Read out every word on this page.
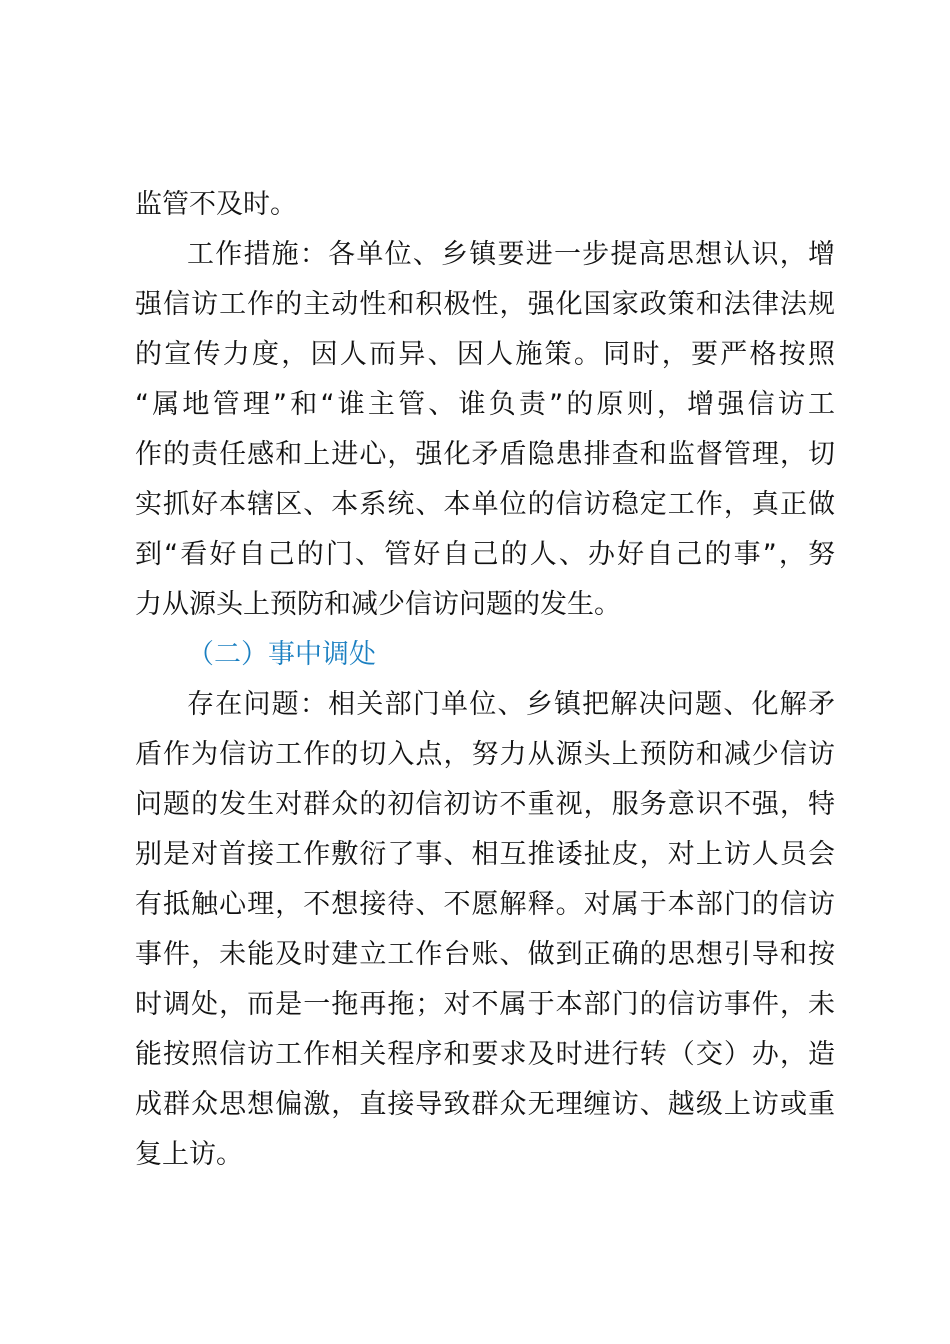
监管不及时。
工作措施：各单位、乡镇要进一步提高思想认识，增
强信访工作的主动性和积极性，强化国家政策和法律法规
的宣传力度，因人而异、因人施策。同时，要严格按照
“属地管理”和“谁主管、谁负责”的原则，增强信访工
作的责任感和上进心，强化矛盾隐患排查和监督管理，切
实抓好本辖区、本系统、本单位的信访稳定工作，真正做
到“看好自己的门、管好自己的人、办好自己的事”，努
力从源头上预防和减少信访问题的发生。
（二）事中调处
存在问题：相关部门单位、乡镇把解决问题、化解矛
盾作为信访工作的切入点，努力从源头上预防和减少信访
问题的发生对群众的初信初访不重视，服务意识不强，特
别是对首接工作敷衍了事、相互推诿扯皮，对上访人员会
有抵触心理，不想接待、不愿解释。对属于本部门的信访
事件，未能及时建立工作台账、做到正确的思想引导和按
时调处，而是一拖再拖；对不属于本部门的信访事件，未
能按照信访工作相关程序和要求及时进行转（交）办，造
成群众思想偏激，直接导致群众无理缠访、越级上访或重
复上访。
